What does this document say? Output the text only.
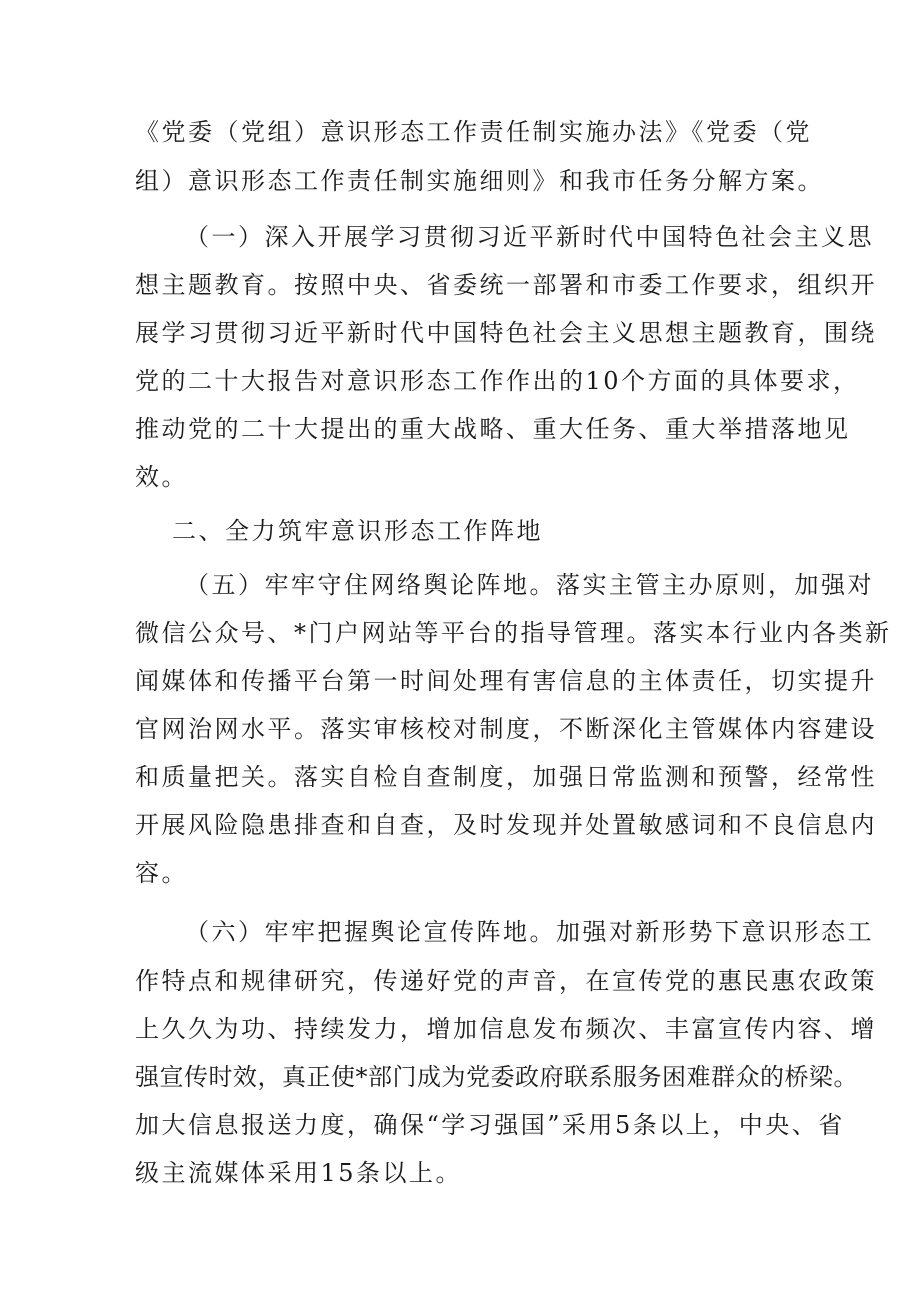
《党委（党组）意识形态工作责任制实施办法》《党委（党
组）意识形态工作责任制实施细则》和我市任务分解方案。
（一）深入开展学习贯彻习近平新时代中国特色社会主义思
想主题教育。按照中央、省委统一部署和市委工作要求，组织开
展学习贯彻习近平新时代中国特色社会主义思想主题教育，围绕
党的二十大报告对意识形态工作作出的10个方面的具体要求，
推动党的二十大提出的重大战略、重大任务、重大举措落地见
效。
二、全力筑牢意识形态工作阵地
（五）牢牢守住网络舆论阵地。落实主管主办原则，加强对
微信公众号、*门户网站等平台的指导管理。落实本行业内各类新
闻媒体和传播平台第一时间处理有害信息的主体责任，切实提升
官网治网水平。落实审核校对制度，不断深化主管媒体内容建设
和质量把关。落实自检自查制度，加强日常监测和预警，经常性
开展风险隐患排查和自查，及时发现并处置敏感词和不良信息内
容。
（六）牢牢把握舆论宣传阵地。加强对新形势下意识形态工
作特点和规律研究，传递好党的声音，在宣传党的惠民惠农政策
上久久为功、持续发力，增加信息发布频次、丰富宣传内容、增
强宣传时效，真正使*部门成为党委政府联系服务困难群众的桥梁。
加大信息报送力度，确保“学习强国”采用5条以上，中央、省
级主流媒体采用15条以上。
